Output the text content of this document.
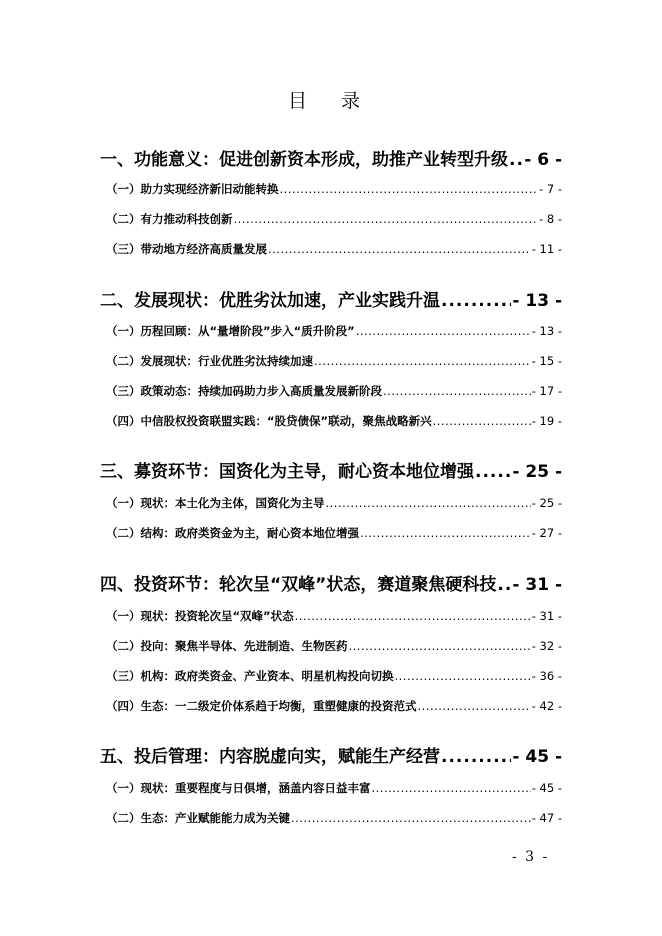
目 录
一、功能意义：促进创新资本形成，助推产业转型升级 ..... - 6 -
（一）助力实现经济新旧动能转换 .....	- 7 -
（二）有力推动科技创新 .....	- 8 -
（三）带动地方经济高质量发展 .....	- 11 -
二、发展现状：优胜劣汰加速，产业实践升温 .....	- 13 -
（一）历程回顾：从“量增阶段”步入“质升阶段” .....	- 13 -
（二）发展现状：行业优胜劣汰持续加速 .....	- 15 -
（三）政策动态：持续加码助力步入高质量发展新阶段 .....	- 17 -
（四）中信股权投资联盟实践：“股贷债保”联动，聚焦战略新兴 .....	- 19 -
三、募资环节：国资化为主导，耐心资本地位增强 ..... - 25 -
（一）现状：本土化为主体，国资化为主导 .....	- 25 -
（二）结构：政府类资金为主，耐心资本地位增强 .....	- 27 -
四、投资环节：轮次呈“双峰”状态，赛道聚焦硬科技 ..... - 31 -
（一）现状：投资轮次呈“双峰”状态 .....	- 31 -
（二）投向：聚焦半导体、先进制造、生物医药 .....	- 32 -
（三）机构：政府类资金、产业资本、明星机构投向切换 .....	- 36 -
（四）生态：一二级定价体系趋于均衡，重塑健康的投资范式 .....	- 42 -
五、投后管理：内容脱虚向实，赋能生产经营 .....	- 45 -
（一）现状：重要程度与日俱增，涵盖内容日益丰富 .....	- 45 -
（二）生态：产业赋能能力成为关键 .....	- 47 -
- 3 -
